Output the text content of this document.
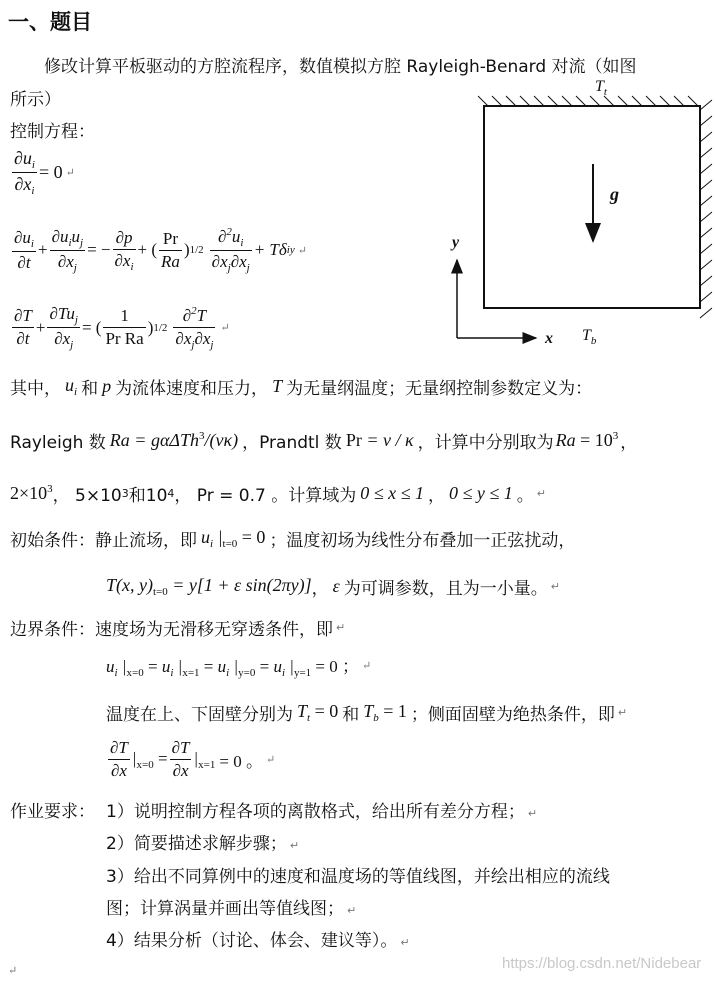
一、题目
修改计算平板驱动的方腔流程序，数值模拟方腔 Rayleigh-Benard 对流（如图
所示）
控制方程：
$T_t$
g
y
x $T_b$
$\frac{\partial u_i}{\partial x_i} = 0$ ↵
$\frac{\partial u_i}{\partial t} + \frac{\partial u_iu_j}{\partial x_j}$ = − $\frac{\partial p}{\partial x_i}$ + ( $\frac{Pr}{Ra}$ ) $1/2 \frac{\partial^2u_i}{\partial x_j\partial x_j} + T\delta$ iy ↵
$\frac{\partial T}{\partial t} + \frac{\partial Tu_j}{\partial x_j}$ = ( $\frac{1}{\text{Pr Ra}}$ ) $1/2 \frac{\partial^2T}{\partial x_j\partial x_j}$ ↵
其中， $u_i$ 和 p 为流体速度和压力， T 为无量纲温度；无量纲控制参数定义为：
Rayleigh 数 Ra = gαΔTh$^3$/(νκ) ，Prandtl 数 Pr = ν / κ ，计算中分别取为 $Ra = 10^3$ ，
$2\times 10^3$ ， 5×10 3 和10 4 ， Pr = 0.7 。计算域为 0 ≤ x ≤ 1 ， 0 ≤ y ≤ 1 。 ↵
初始条件： 静止流场，即 $u_i$ $|_{t=0} = 0$ ；温度初场为线性分布叠加一正弦扰动，
T(x, $y)_{t=0} = y[1 + \varepsilon$ sin(2πy)] ， ε 为可调参数，且为一小量。 ↵
边界条件： 速度场为无滑移无穿透条件，即 ↵
$u_i$ $|_{x=0} = u_i$ $|_{x=1} = u_i$ $|_{y=0} = u_i$ $|_{y=1} = 0$ ； ↵
温度在上、下固壁分别为 $T_t = 0$ 和 $T_b = 1$ ；侧面固壁为绝热条件，即 ↵
$\frac{\partial T}{\partial x} |_{x=0} = \frac{\partial T}{\partial x} |_{x=1} = 0$ 。 ↵
作业要求： 1）说明控制方程各项的离散格式，给出所有差分方程； ↵
2）简要描述求解步骤； ↵
3）给出不同算例中的速度和温度场的等值线图，并绘出相应的流线
图；计算涡量并画出等值线图； ↵
4）结果分析（讨论、体会、建议等）。 ↵
↵	https://blog.csdn.net/Nidebear
